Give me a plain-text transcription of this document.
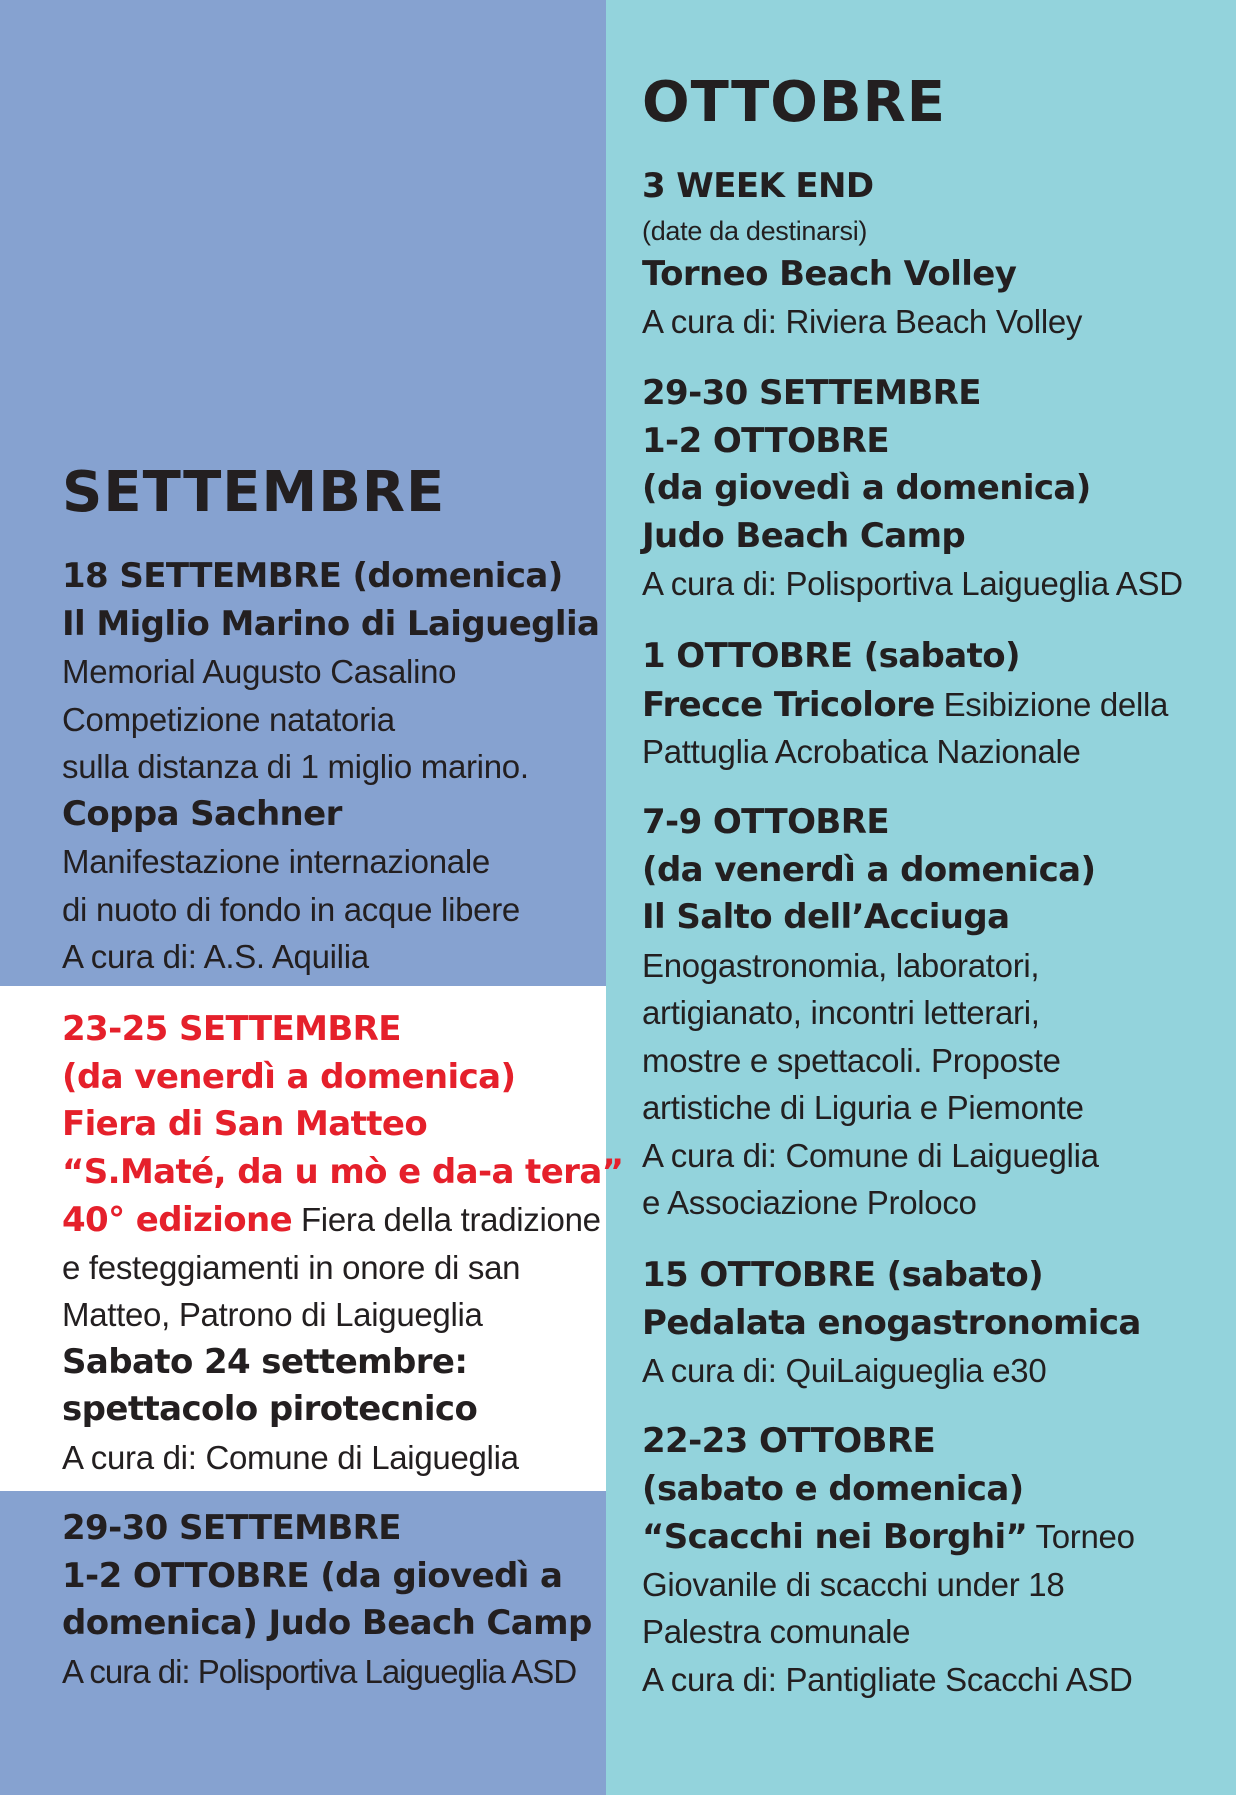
SETTEMBRE
18 SETTEMBRE (domenica)
Il Miglio Marino di Laigueglia
Memorial Augusto Casalino
Competizione natatoria
sulla distanza di 1 miglio marino.
Coppa Sachner
Manifestazione internazionale
di nuoto di fondo in acque libere
A cura di: A.S. Aquilia
23-25 SETTEMBRE
(da venerdì a domenica)
Fiera di San Matteo
“S.Maté, da u mò e da-a tera”
40° edizione Fiera della tradizione
e festeggiamenti in onore di san
Matteo, Patrono di Laigueglia
Sabato 24 settembre:
spettacolo pirotecnico
A cura di: Comune di Laigueglia
29-30 SETTEMBRE
1-2 OTTOBRE (da giovedì a
domenica) Judo Beach Camp
A cura di: Polisportiva Laigueglia ASD
OTTOBRE
3 WEEK END
(date da destinarsi)
Torneo Beach Volley
A cura di: Riviera Beach Volley
29-30 SETTEMBRE
1-2 OTTOBRE
(da giovedì a domenica)
Judo Beach Camp
A cura di: Polisportiva Laigueglia ASD
1 OTTOBRE (sabato)
Frecce Tricolore Esibizione della
Pattuglia Acrobatica Nazionale
7-9 OTTOBRE
(da venerdì a domenica)
Il Salto dell’Acciuga
Enogastronomia, laboratori,
artigianato, incontri letterari,
mostre e spettacoli. Proposte
artistiche di Liguria e Piemonte
A cura di: Comune di Laigueglia
e Associazione Proloco
15 OTTOBRE (sabato)
Pedalata enogastronomica
A cura di: QuiLaigueglia e30
22-23 OTTOBRE
(sabato e domenica)
“Scacchi nei Borghi” Torneo
Giovanile di scacchi under 18
Palestra comunale
A cura di: Pantigliate Scacchi ASD
